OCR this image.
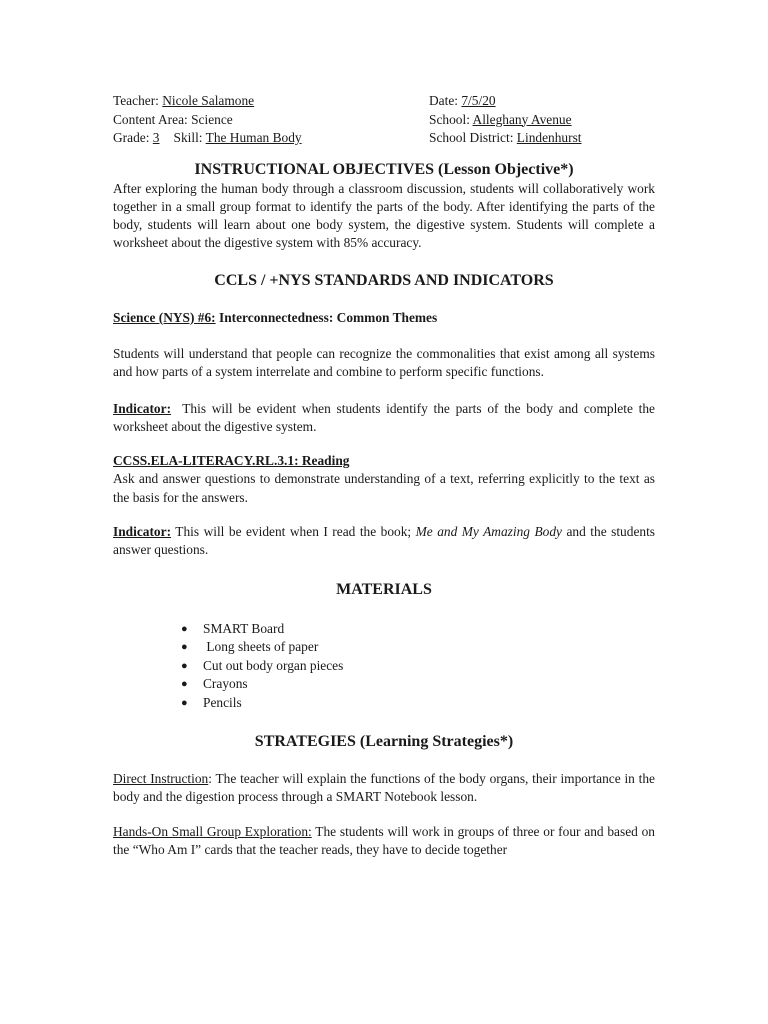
Teacher: Nicole Salamone	Date: 7/5/20
Content Area: Science	School: Alleghany Avenue
Grade: 3 Skill: The Human Body	School District: Lindenhurst
INSTRUCTIONAL OBJECTIVES (Lesson Objective*)

After exploring the human body through a classroom discussion, students will collaboratively work together in a small group format to identify the parts of the body. After identifying the parts of the body, students will learn about one body system, the digestive system. Students will complete a worksheet about the digestive system with 85% accuracy.

CCLS / +NYS STANDARDS AND INDICATORS

Science (NYS) #6: Interconnectedness: Common Themes

Students will understand that people can recognize the commonalities that exist among all systems and how parts of a system interrelate and combine to perform specific functions.

Indicator: This will be evident when students identify the parts of the body and complete the worksheet about the digestive system.

CCSS.ELA-LITERACY.RL.3.1: Reading

Ask and answer questions to demonstrate understanding of a text, referring explicitly to the text as the basis for the answers.

Indicator: This will be evident when I read the book; Me and My Amazing Body and the students answer questions.

MATERIALS
● SMART Board
● Long sheets of paper
● Cut out body organ pieces
● Crayons
● Pencils
STRATEGIES (Learning Strategies*)

Direct Instruction: The teacher will explain the functions of the body organs, their importance in the body and the digestion process through a SMART Notebook lesson.

Hands-On Small Group Exploration: The students will work in groups of three or four and based on the “Who Am I” cards that the teacher reads, they have to decide together
